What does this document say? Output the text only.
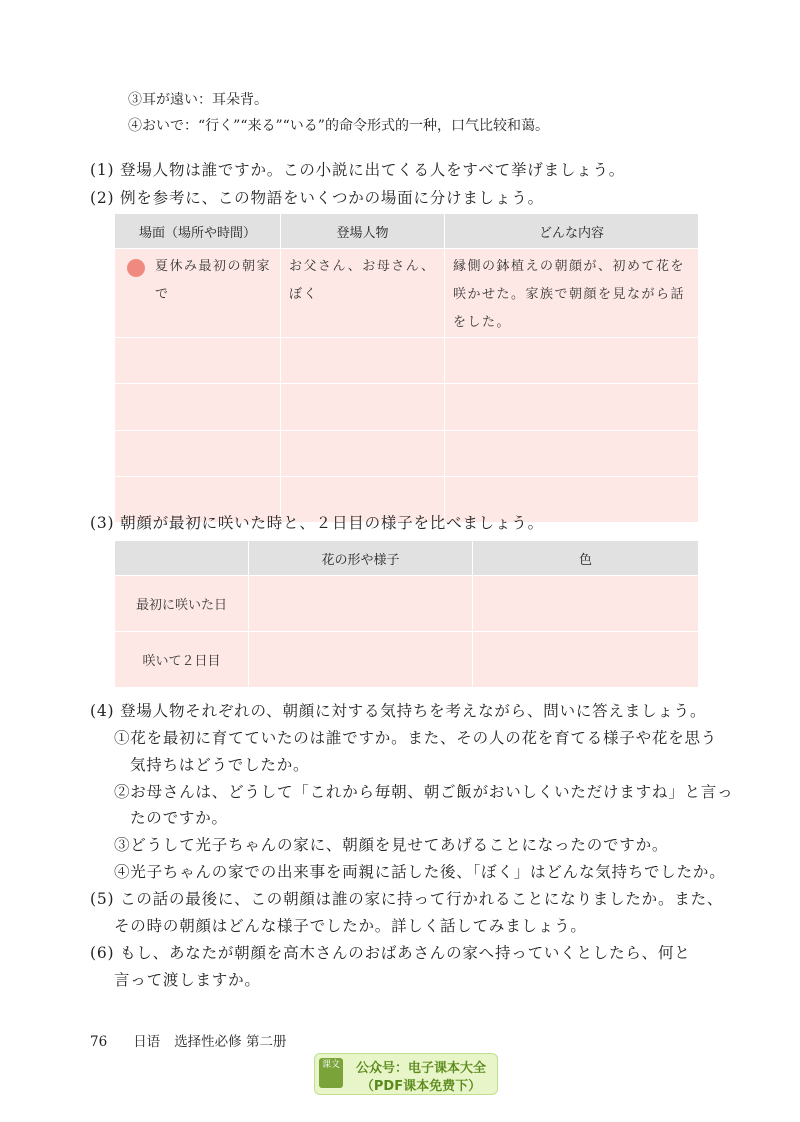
③耳が遠い：耳朵背。
④おいで：“行く”“来る”“いる”的命令形式的一种，口气比较和蔼。
(1) 登場人物は誰ですか。この小説に出てくる人をすべて挙げましょう。
(2) 例を参考に、この物語をいくつかの場面に分けましょう。
場面（場所や時間）	登場人物	どんな内容

夏休み最初の朝家で	お父さん、お母さん、ぼく	縁側の鉢植えの朝顔が、初めて花を咲かせた。家族で朝顔を見ながら話をした。

(3) 朝顔が最初に咲いた時と、２日目の様子を比べましょう。
	花の形や様子	色
最初に咲いた日		
咲いて２日目		
(4) 登場人物それぞれの、朝顔に対する気持ちを考えながら、問いに答えましょう。
①花を最初に育てていたのは誰ですか。また、その人の花を育てる様子や花を思う
気持ちはどうでしたか。
②お母さんは、どうして「これから毎朝、朝ご飯がおいしくいただけますね」と言っ
たのですか。
③どうして光子ちゃんの家に、朝顔を見せてあげることになったのですか。
④光子ちゃんの家での出来事を両親に話した後、「ぼく」はどんな気持ちでしたか。
(5) この話の最後に、この朝顔は誰の家に持って行かれることになりましたか。また、
その時の朝顔はどんな様子でしたか。詳しく話してみましょう。
(6) もし、あなたが朝顔を高木さんのおばあさんの家へ持っていくとしたら、何と
言って渡しますか。
76 日语 选择性必修 第二册
课文	公众号：电子课本大全
（PDF课本免费下）
